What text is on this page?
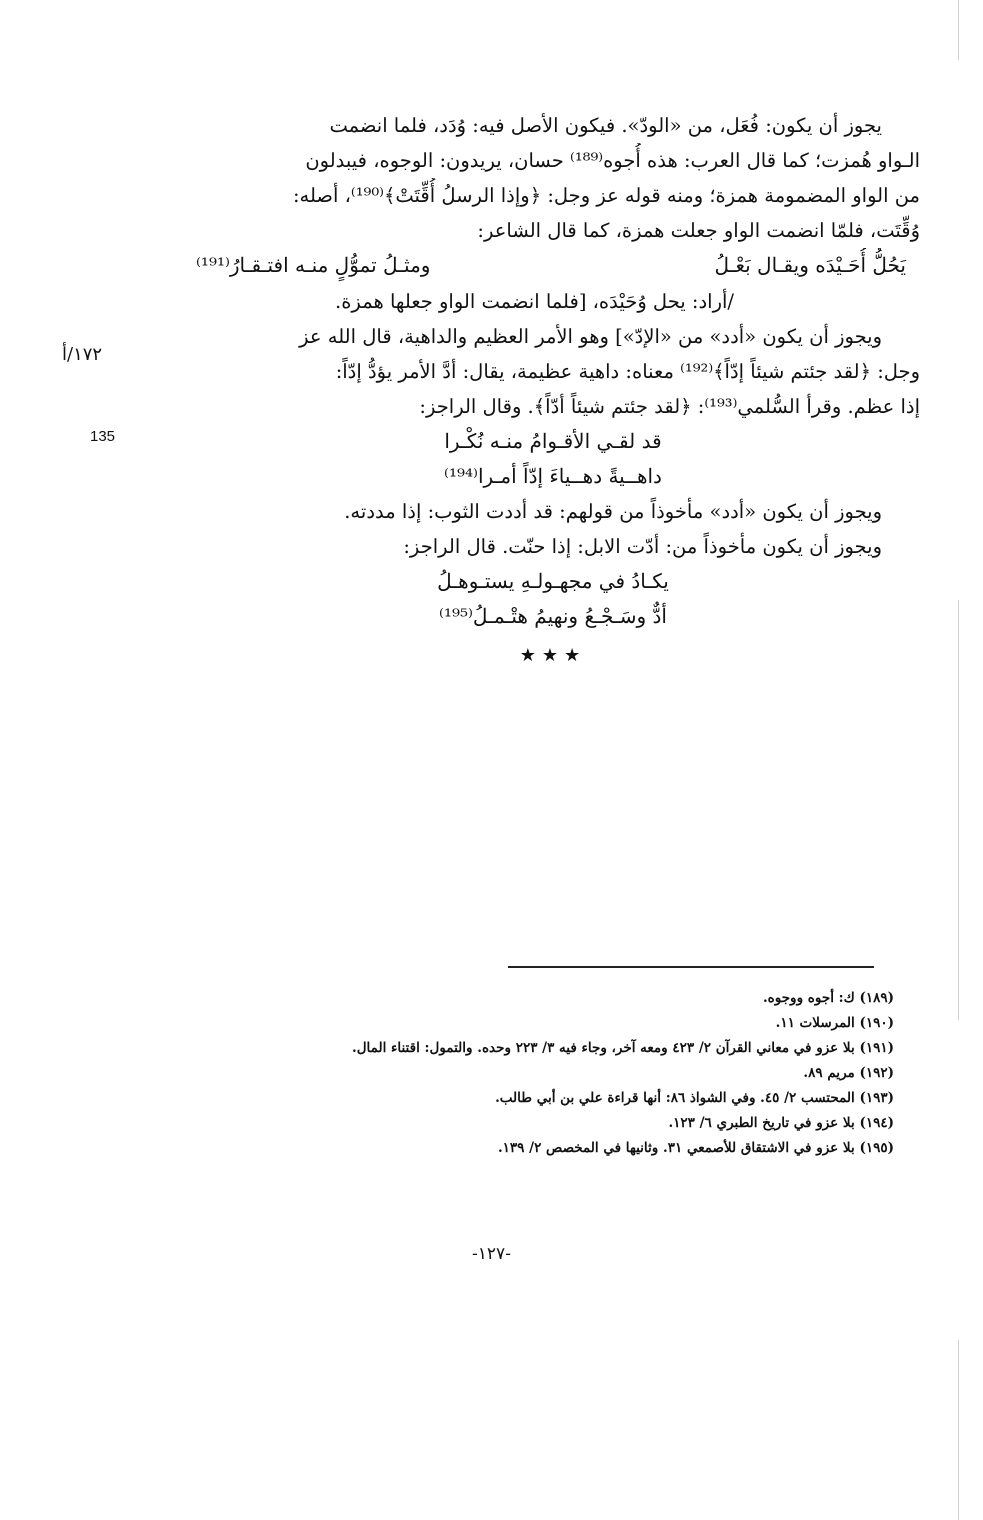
١٧٢/أ
135
يجوز أن يكون: فُعَل، من «الودّ». فيكون الأصل فيه: وُدَد، فلما انضمت
الـواو هُمزت؛ كما قال العرب: هذه أُجوه⁽¹⁸⁹⁾ حسان، يريدون: الوجوه، فيبدلون
من الواو المضمومة همزة؛ ومنه قوله عز وجل: ﴿وإذا الرسلُ أُقِّتَتْ﴾⁽¹⁹⁰⁾، أصله:
وُقِّتَت، فلمّا انضمت الواو جعلت همزة، كما قال الشاعر:
يَحُلُّ أُحَـيْدَه ويقـال بَعْـلُ
ومثـلُ تموُّلٍ منـه افتـقـارُ⁽¹⁹¹⁾
/أراد: يحل وُحَيْدَه، [فلما انضمت الواو جعلها همزة.
ويجوز أن يكون «أدد» من «الإدّ»] وهو الأمر العظيم والداهية، قال الله عز
وجل: ﴿لقد جئتم شيئاً إدّاً﴾⁽¹⁹²⁾ معناه: داهية عظيمة، يقال: أدَّ الأمر يؤدُّ إدّاً:
إذا عظم. وقرأ السُّلمي⁽¹⁹³⁾: ﴿لقد جئتم شيئاً أدّاً﴾. وقال الراجز:
قد لقـي الأقـوامُ منـه نُكْـرا
داهــيةً دهــياءَ إدّاً أمـرا⁽¹⁹⁴⁾
ويجوز أن يكون «أدد» مأخوذاً من قولهم: قد أددت الثوب: إذا مددته.
ويجوز أن يكون مأخوذاً من: أدّت الابل: إذا حنّت. قال الراجز:
يكـادُ في مجهـولـهِ يستـوهـلُ
أدٌّ وسَـجْـعُ ونهيمُ هتْـمـلُ⁽¹⁹⁵⁾
★★★
(١٨٩) ك: أجوه ووجوه.
(١٩٠) المرسلات ١١.
(١٩١) بلا عزو في معاني القرآن ٢/ ٤٢٣ ومعه آخر، وجاء فيه ٣/ ٢٢٣ وحده. والتمول: اقتناء المال.
(١٩٢) مريم ٨٩.
(١٩٣) المحتسب ٢/ ٤٥. وفي الشواذ ٨٦: أنها قراءة علي بن أبي طالب.
(١٩٤) بلا عزو في تاريخ الطبري ٦/ ١٢٣.
(١٩٥) بلا عزو في الاشتقاق للأصمعي ٣١. وثانيها في المخصص ٢/ ١٣٩.
-١٢٧-
